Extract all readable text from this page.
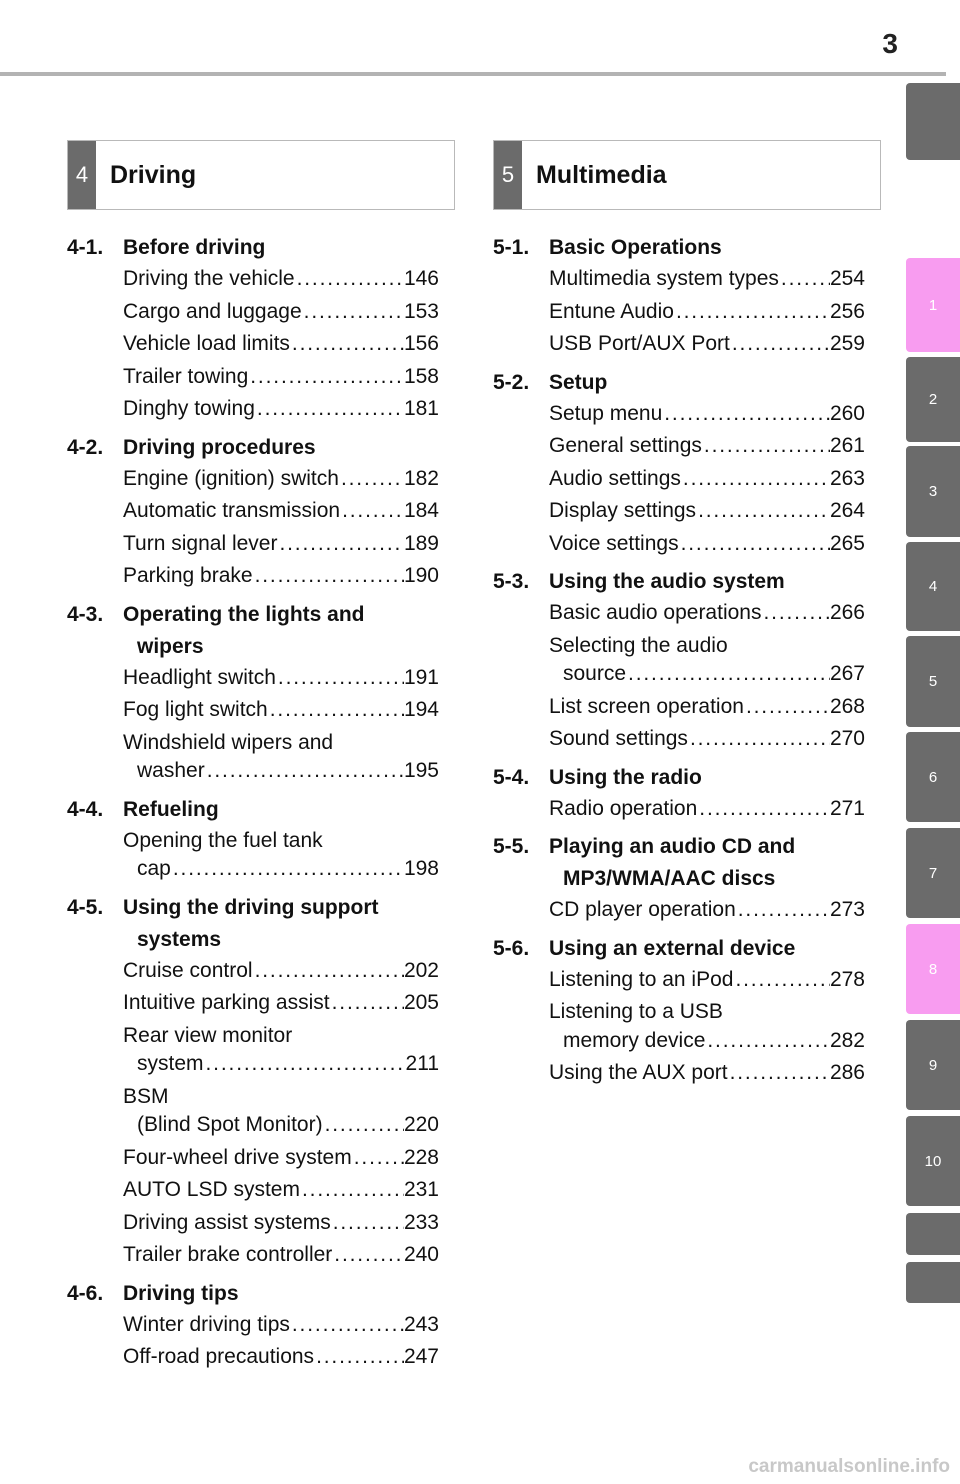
3
1
2
3
4
5
6
7
8
9
10
4 Driving	5 Multimedia
4-1. Before driving
Driving the vehicle . . .	146
Cargo and luggage . . .	153
Vehicle load limits . . .	156
Trailer towing . . .	158
Dinghy towing . . .	181
4-2. Driving procedures
Engine (ignition) switch . . .	182
Automatic transmission . . .	184
Turn signal lever . . .	189
Parking brake . . .	190
4-3. Operating the lights and
wipers
Headlight switch . . .	191
Fog light switch . . .	194
Windshield wipers and
washer . . .	195
4-4. Refueling
Opening the fuel tank
cap . . .	198
4-5. Using the driving support
systems
Cruise control . . .	202
Intuitive parking assist . . .	205
Rear view monitor
system . . .	211
BSM
(Blind Spot Monitor) . . .	220
Four-wheel drive system . . . 228
AUTO LSD system . . .	231
Driving assist systems . . .	233
Trailer brake controller . . .	240
4-6. Driving tips
Winter driving tips . . .	243
Off-road precautions . . .	247
5-1. Basic Operations
Multimedia system types . . . 254
Entune Audio . . .	256
USB Port/AUX Port . . .	259
5-2. Setup
Setup menu . . .	260
General settings . . .	261
Audio settings . . .	263
Display settings . . .	264
Voice settings . . .	265
5-3. Using the audio system
Basic audio operations . . .	266
Selecting the audio
source . . .	267
List screen operation . . .	268
Sound settings . . .	270
5-4. Using the radio
Radio operation . . .	271
5-5. Playing an audio CD and
MP3/WMA/AAC discs
CD player operation . . .	273
5-6. Using an external device
Listening to an iPod . . .	278
Listening to a USB
memory device . . .	282
Using the AUX port . . .	286
carmanualsonline.info
